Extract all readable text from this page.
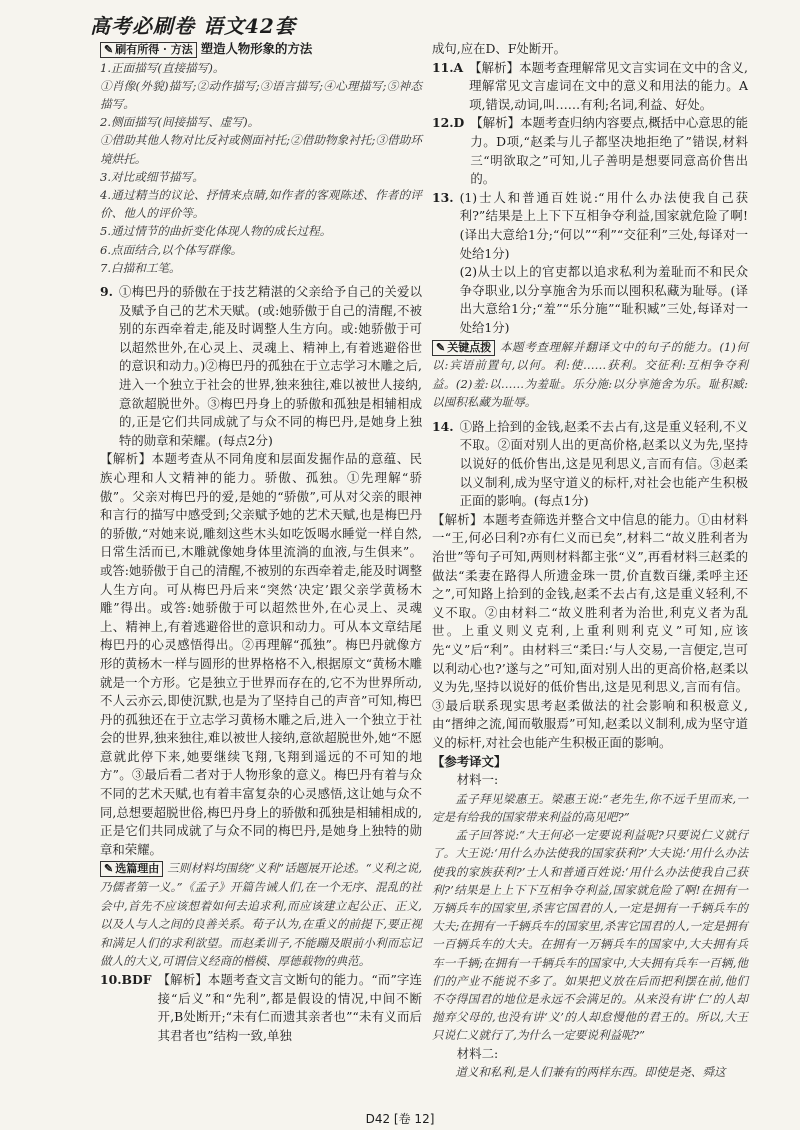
高考必刷卷 语文42套

✎ 刷有所得 · 方法 塑造人物形象的方法

1.正面描写(直接描写)。

①肖像(外貌)描写;②动作描写;③语言描写;④心理描写;⑤神态描写。

2.侧面描写(间接描写、虚写)。

①借助其他人物对比反衬或侧面衬托;②借助物象衬托;③借助环境烘托。

3.对比或细节描写。

4.通过精当的议论、抒情来点睛,如作者的客观陈述、作者的评价、他人的评价等。

5.通过情节的曲折变化体现人物的成长过程。

6.点面结合,以个体写群像。

7.白描和工笔。

9. ①梅巴丹的骄傲在于技艺精湛的父亲给予自己的关爱以及赋予自己的艺术天赋。(或:她骄傲于自己的清醒,不被别的东西牵着走,能及时调整人生方向。或:她骄傲于可以超然世外,在心灵上、灵魂上、精神上,有着逃避俗世的意识和动力。)②梅巴丹的孤独在于立志学习木雕之后,进入一个独立于社会的世界,独来独往,难以被世人接纳,意欲超脱世外。③梅巴丹身上的骄傲和孤独是相辅相成的,正是它们共同成就了与众不同的梅巴丹,是她身上独特的勋章和荣耀。(每点2分)

【解析】本题考查从不同角度和层面发掘作品的意蕴、民族心理和人文精神的能力。骄傲、孤独。①先理解“骄傲”。父亲对梅巴丹的爱,是她的“骄傲”,可从对父亲的眼神和言行的描写中感受到;父亲赋予她的艺术天赋,也是梅巴丹的骄傲,“对她来说,雕刻这些木头如吃饭喝水睡觉一样自然,日常生活而已,木雕就像她身体里流淌的血液,与生俱来”。或答:她骄傲于自己的清醒,不被别的东西牵着走,能及时调整人生方向。可从梅巴丹后来“突然‘决定’跟父亲学黄杨木雕”得出。或答:她骄傲于可以超然世外,在心灵上、灵魂上、精神上,有着逃避俗世的意识和动力。可从本文章结尾梅巴丹的心灵感悟得出。②再理解“孤独”。梅巴丹就像方形的黄杨木一样与圆形的世界格格不入,根据原文“黄杨木雕就是一个方形。它是独立于世界而存在的,它不为世界所动,不人云亦云,即使沉默,也是为了坚持自己的声音”可知,梅巴丹的孤独还在于立志学习黄杨木雕之后,进入一个独立于社会的世界,独来独往,难以被世人接纳,意欲超脱世外,她“不愿意就此停下来,她要继续飞翔,飞翔到遥远的不可知的地方”。③最后看二者对于人物形象的意义。梅巴丹有着与众不同的艺术天赋,也有着丰富复杂的心灵感悟,这让她与众不同,总想要超脱世俗,梅巴丹身上的骄傲和孤独是相辅相成的,正是它们共同成就了与众不同的梅巴丹,是她身上独特的勋章和荣耀。

✎ 选篇理由 三则材料均围绕“义利”话题展开论述。“义利之说,乃儒者第一义。”《孟子》开篇告诫人们,在一个无序、混乱的社会中,首先不应该想着如何去追求利,而应该建立起公正、正义,以及人与人之间的良善关系。荀子认为,在重义的前提下,要正视和满足人们的求利欲望。而赵柔训子,不能蹦及眼前小利而忘记做人的大义,可谓信义经商的楷模、厚德载物的典范。

10.BDF 【解析】本题考查文言文断句的能力。“而”字连接“后义”和“先利”,都是假设的情况,中间不断开,B处断开;“未有仁而遗其亲者也”“未有义而后其君者也”结构一致,单独

成句,应在D、F处断开。

11.A 【解析】本题考查理解常见文言实词在文中的含义,理解常见文言虚词在文中的意义和用法的能力。A项,错误,动词,叫……有利;名词,利益、好处。

12.D 【解析】本题考查归纳内容要点,概括中心意思的能力。D项,“赵柔与儿子都坚决地拒绝了”错误,材料三“明欲取之”可知,儿子善明是想要同意高价售出的。

13. (1)士人和普通百姓说:“用什么办法使我自己获利?”结果是上上下下互相争夺利益,国家就危险了啊!(译出大意给1分;“何以”“利”“交征利”三处,每译对一处给1分)

(2)从士以上的官吏都以追求私利为羞耻而不和民众争夺职业,以分享施舍为乐而以囤积私藏为耻辱。(译出大意给1分;“羞”“乐分施”“耻积臧”三处,每译对一处给1分)

✎ 关键点拨 本题考查理解并翻译文中的句子的能力。(1)何以:宾语前置句,以何。利:使……获利。交征利:互相争夺利益。(2)羞:以……为羞耻。乐分施:以分享施舍为乐。耻积臧:以囤积私藏为耻辱。

14. ①路上拾到的金钱,赵柔不去占有,这是重义轻利,不义不取。②面对别人出的更高价格,赵柔以义为先,坚持以说好的低价售出,这是见利思义,言而有信。③赵柔以义制利,成为坚守道义的标杆,对社会也能产生积极正面的影响。(每点1分)

【解析】本题考查筛选并整合文中信息的能力。①由材料一“王,何必曰利?亦有仁义而已矣”,材料二“故义胜利者为治世”等句子可知,两则材料都主张“义”,再看材料三赵柔的做法“柔妻在路得人所遗金珠一贯,价直数百缣,柔呼主还之”,可知路上拾到的金钱,赵柔不去占有,这是重义轻利,不义不取。②由材料二“故义胜利者为治世,利克义者为乱世。上重义则义克利,上重利则利克义”可知,应该先“义”后“利”。由材料三“柔曰:‘与人交易,一言便定,岂可以利动心也?’遂与之”可知,面对别人出的更高价格,赵柔以义为先,坚持以说好的低价售出,这是见利思义,言而有信。③最后联系现实思考赵柔做法的社会影响和积极意义,由“搢绅之流,闻而敬服焉”可知,赵柔以义制利,成为坚守道义的标杆,对社会也能产生积极正面的影响。

【参考译文】

材料一:

孟子拜见梁惠王。梁惠王说:“老先生,你不远千里而来,一定是有给我的国家带来利益的高见吧?”

孟子回答说:“大王何必一定要说利益呢?只要说仁义就行了。大王说:‘用什么办法使我的国家获利?’大夫说:‘用什么办法使我的家族获利?’士人和普通百姓说:‘用什么办法使我自己获利?’结果是上上下下互相争夺利益,国家就危险了啊!在拥有一万辆兵车的国家里,杀害它国君的人,一定是拥有一千辆兵车的大夫;在拥有一千辆兵车的国家里,杀害它国君的人,一定是拥有一百辆兵车的大夫。在拥有一万辆兵车的国家中,大夫拥有兵车一千辆;在拥有一千辆兵车的国家中,大夫拥有兵车一百辆,他们的产业不能说不多了。如果把义放在后而把利摆在前,他们不夺得国君的地位是永远不会满足的。从来没有讲‘仁’的人却抛弃父母的,也没有讲‘义’的人却怠慢他的君王的。所以,大王只说仁义就行了,为什么一定要说利益呢?”

材料二:

道义和私利,是人们兼有的两样东西。即使是尧、舜这

D42 [卷 12]
